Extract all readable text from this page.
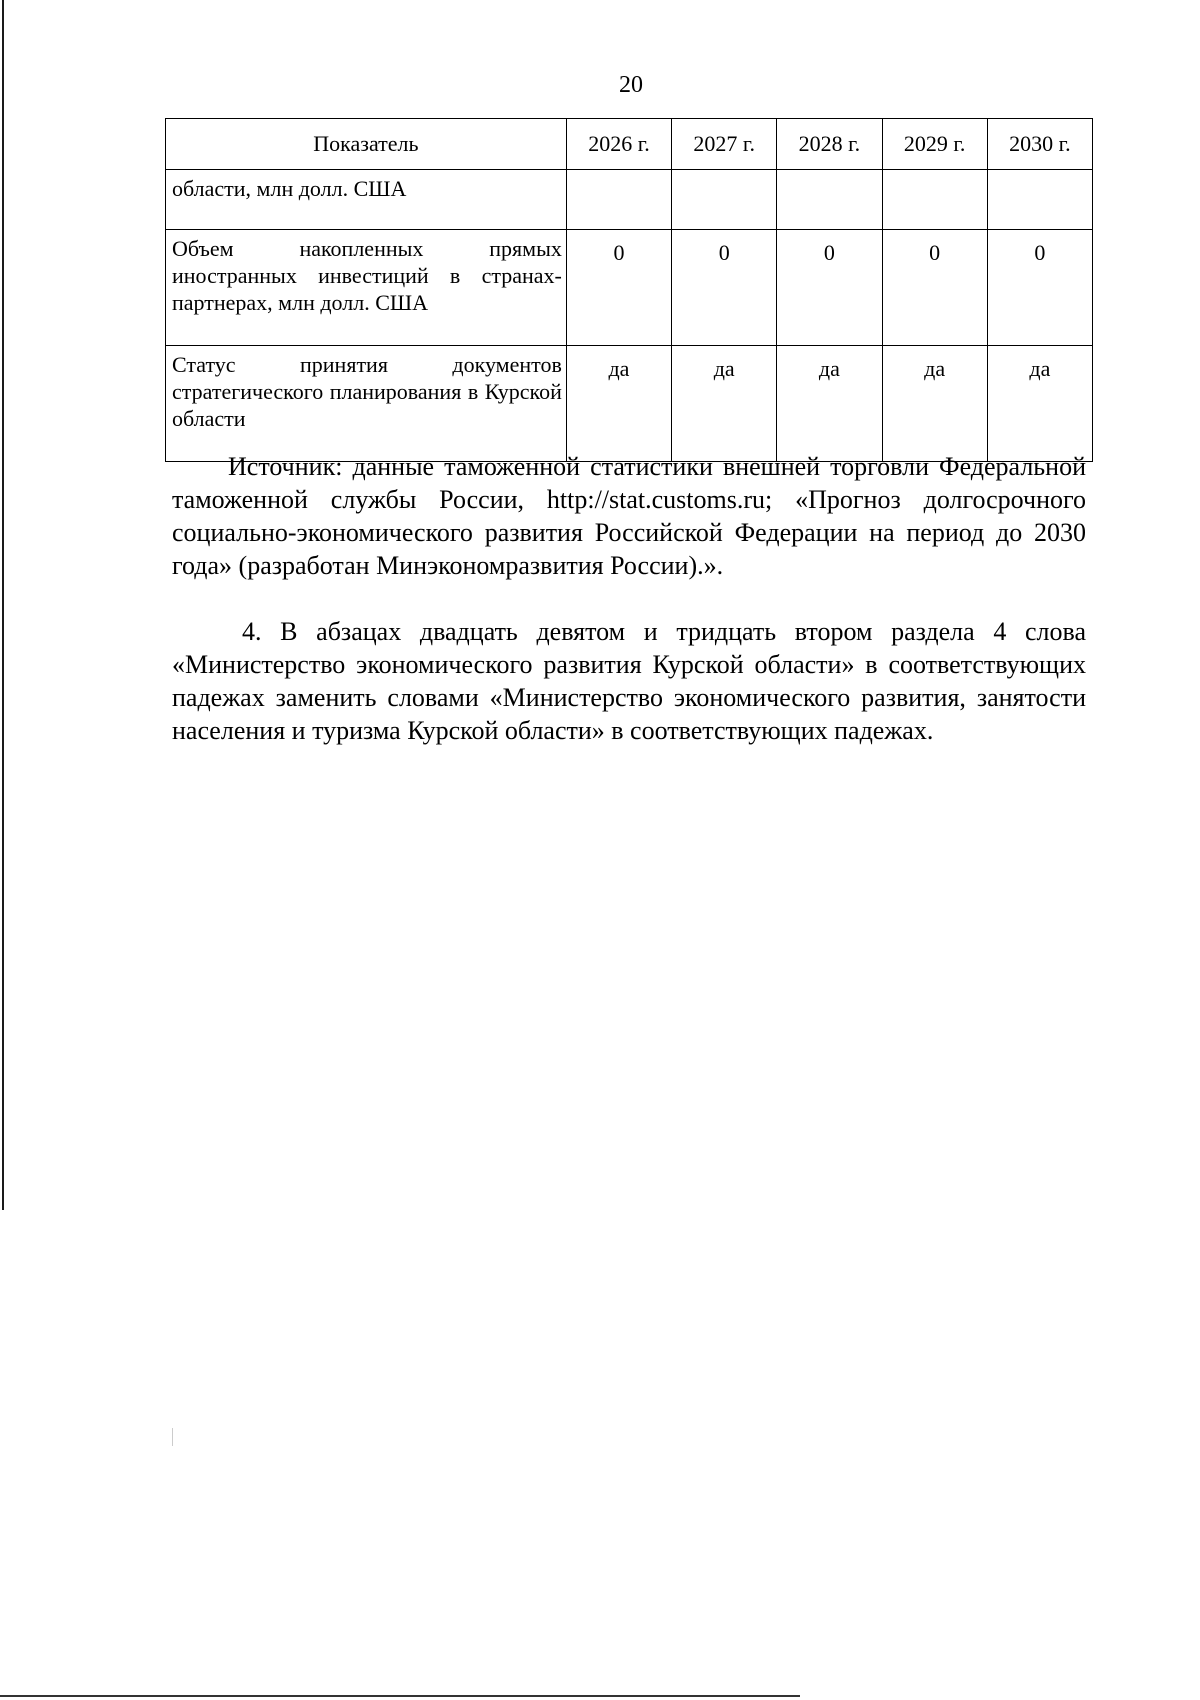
20
Показатель	2026 г.	2027 г.	2028 г.	2029 г.	2030 г.
области, млн долл. США					
Объем накопленных прямых иностранных инвестиций в странах-партнерах, млн долл. США	0	0	0	0	0
Статус принятия документов стратегического планирования в Курской области	да	да	да	да	да

Источник: данные таможенной статистики внешней торговли Федеральной таможенной службы России, http://stat.customs.ru; «Прогноз долгосрочного социально-экономического развития Российской Федерации на период до 2030 года» (разработан Минэкономразвития России).».

4. В абзацах двадцать девятом и тридцать втором раздела 4 слова «Министерство экономического развития Курской области» в соответствующих падежах заменить словами «Министерство экономического развития, занятости населения и туризма Курской области» в соответствующих падежах.
